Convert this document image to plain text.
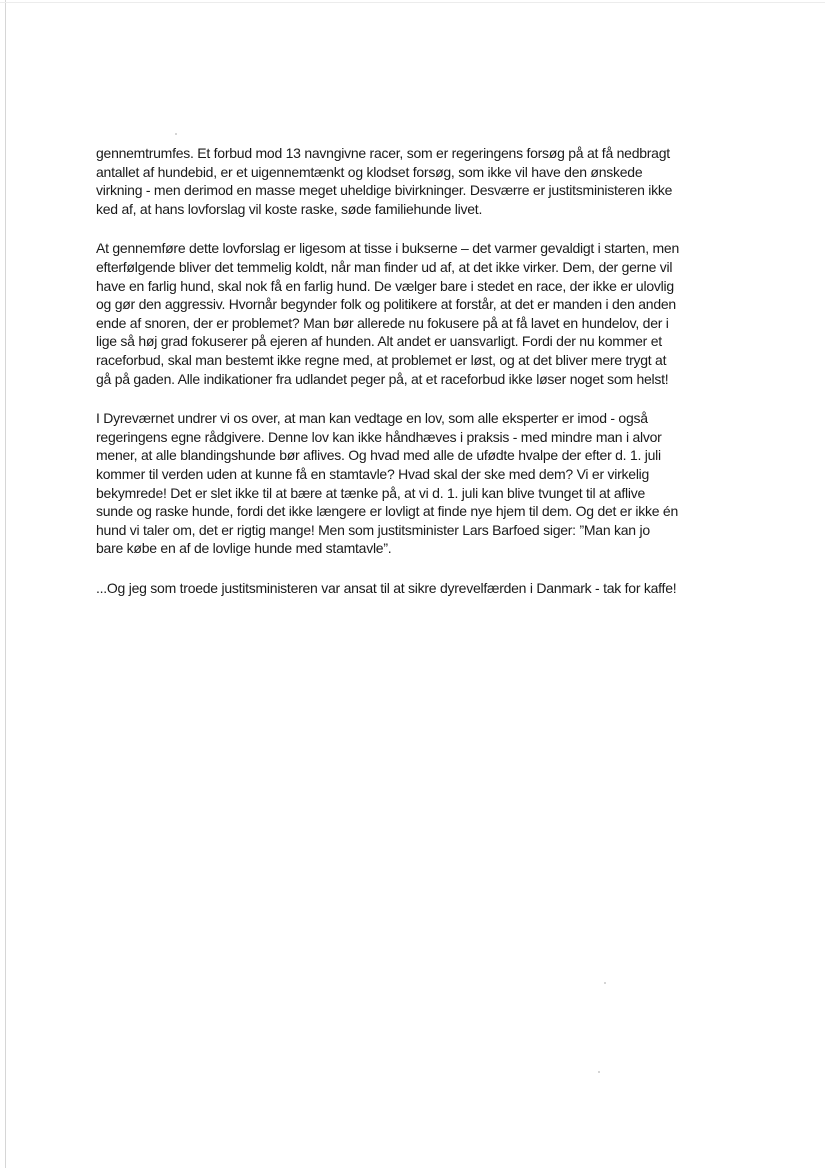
gennemtrumfes. Et forbud mod 13 navngivne racer, som er regeringens forsøg på at få nedbragt
antallet af hundebid, er et uigennemtænkt og klodset forsøg, som ikke vil have den ønskede
virkning - men derimod en masse meget uheldige bivirkninger. Desværre er justitsministeren ikke
ked af, at hans lovforslag vil koste raske, søde familiehunde livet.
At gennemføre dette lovforslag er ligesom at tisse i bukserne – det varmer gevaldigt i starten, men
efterfølgende bliver det temmelig koldt, når man finder ud af, at det ikke virker. Dem, der gerne vil
have en farlig hund, skal nok få en farlig hund. De vælger bare i stedet en race, der ikke er ulovlig
og gør den aggressiv. Hvornår begynder folk og politikere at forstår, at det er manden i den anden
ende af snoren, der er problemet? Man bør allerede nu fokusere på at få lavet en hundelov, der i
lige så høj grad fokuserer på ejeren af hunden. Alt andet er uansvarligt. Fordi der nu kommer et
raceforbud, skal man bestemt ikke regne med, at problemet er løst, og at det bliver mere trygt at
gå på gaden. Alle indikationer fra udlandet peger på, at et raceforbud ikke løser noget som helst!
I Dyreværnet undrer vi os over, at man kan vedtage en lov, som alle eksperter er imod - også
regeringens egne rådgivere. Denne lov kan ikke håndhæves i praksis - med mindre man i alvor
mener, at alle blandingshunde bør aflives. Og hvad med alle de ufødte hvalpe der efter d. 1. juli
kommer til verden uden at kunne få en stamtavle? Hvad skal der ske med dem? Vi er virkelig
bekymrede! Det er slet ikke til at bære at tænke på, at vi d. 1. juli kan blive tvunget til at aflive
sunde og raske hunde, fordi det ikke længere er lovligt at finde nye hjem til dem. Og det er ikke én
hund vi taler om, det er rigtig mange! Men som justitsminister Lars Barfoed siger: ”Man kan jo
bare købe en af de lovlige hunde med stamtavle”.
...Og jeg som troede justitsministeren var ansat til at sikre dyrevelfærden i Danmark - tak for kaffe!
